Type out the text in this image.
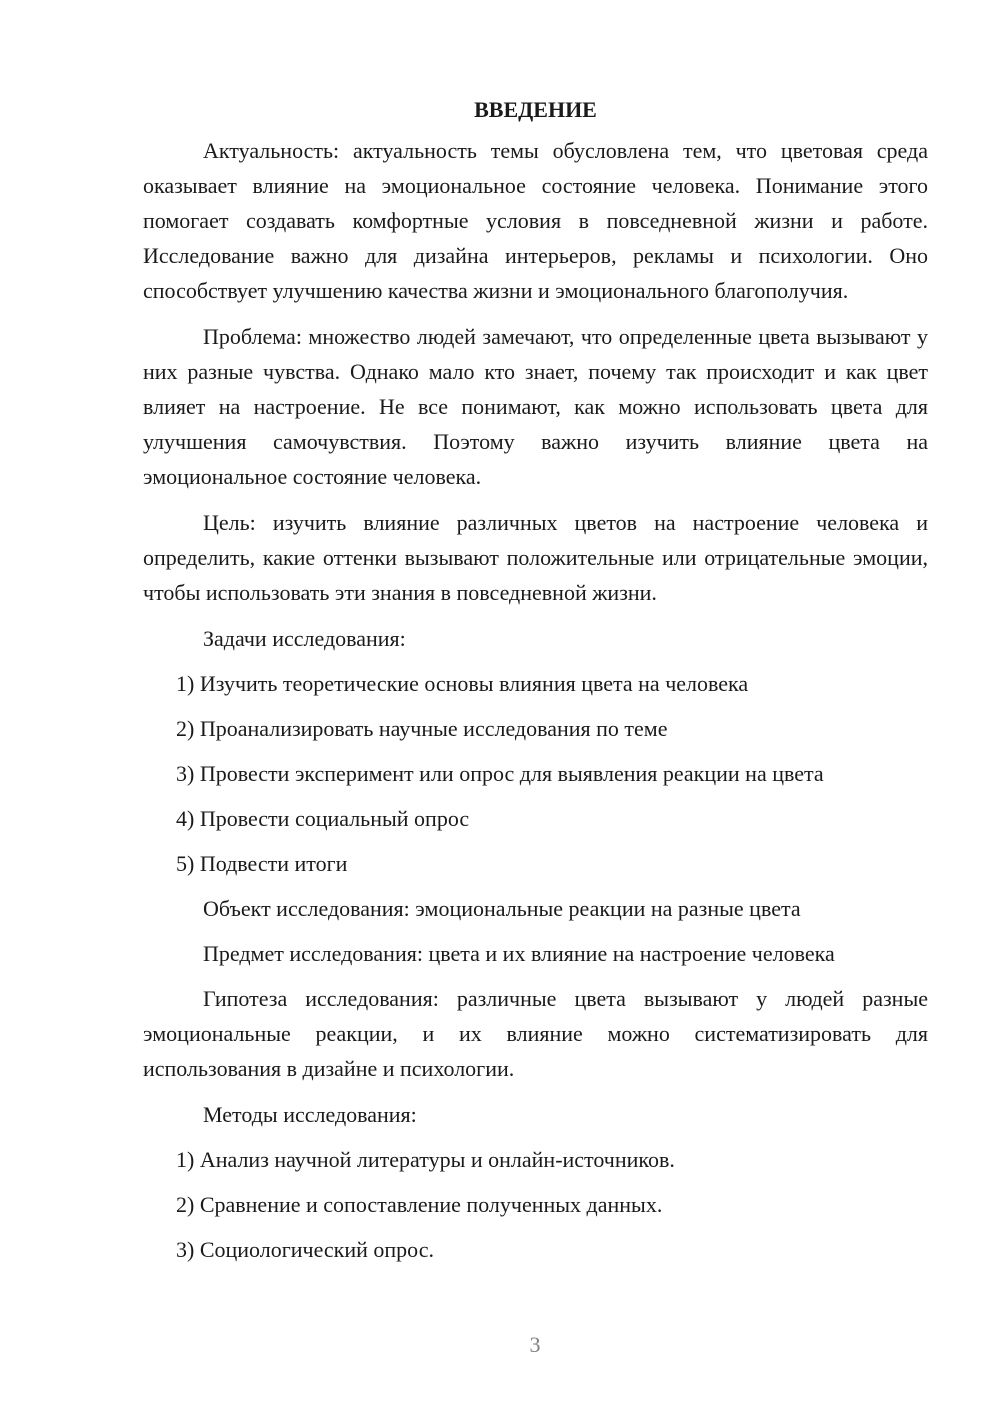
ВВЕДЕНИЕ

Актуальность: актуальность темы обусловлена тем, что цветовая среда оказывает влияние на эмоциональное состояние человека. Понимание этого помогает создавать комфортные условия в повседневной жизни и работе. Исследование важно для дизайна интерьеров, рекламы и психологии. Оно способствует улучшению качества жизни и эмоционального благополучия.

Проблема: множество людей замечают, что определенные цвета вызывают у них разные чувства. Однако мало кто знает, почему так происходит и как цвет влияет на настроение. Не все понимают, как можно использовать цвета для улучшения самочувствия. Поэтому важно изучить влияние цвета на эмоциональное состояние человека.

Цель: изучить влияние различных цветов на настроение человека и определить, какие оттенки вызывают положительные или отрицательные эмоции, чтобы использовать эти знания в повседневной жизни.

Задачи исследования:
1) Изучить теоретические основы влияния цвета на человека
2) Проанализировать научные исследования по теме
3) Провести эксперимент или опрос для выявления реакции на цвета
4) Провести социальный опрос
5) Подвести итоги
Объект исследования: эмоциональные реакции на разные цвета
Предмет исследования: цвета и их влияние на настроение человека

Гипотеза исследования: различные цвета вызывают у людей разные эмоциональные реакции, и их влияние можно систематизировать для использования в дизайне и психологии.

Методы исследования:
1) Анализ научной литературы и онлайн-источников.
2) Сравнение и сопоставление полученных данных.
3) Социологический опрос.
3
